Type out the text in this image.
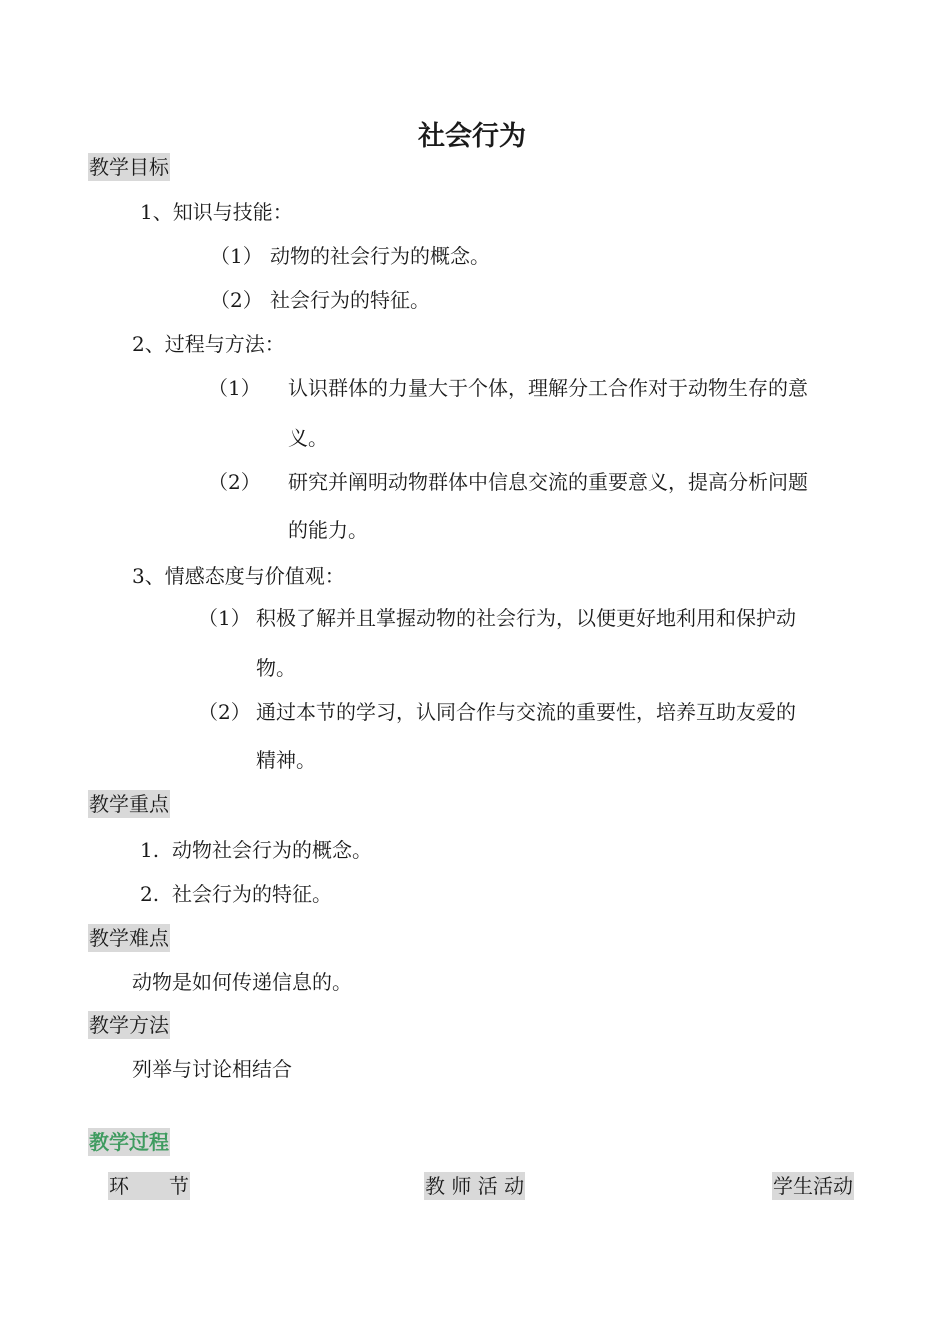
社会行为
教学目标
1、知识与技能：
（1） 动物的社会行为的概念。
（2） 社会行为的特征。
2、过程与方法：
（1） 认识群体的力量大于个体，理解分工合作对于动物生存的意
义。
（2） 研究并阐明动物群体中信息交流的重要意义，提高分析问题
的能力。
3、情感态度与价值观：
（1） 积极了解并且掌握动物的社会行为，以便更好地利用和保护动
物。
（2） 通过本节的学习，认同合作与交流的重要性，培养互助友爱的
精神。
教学重点
1. 动物社会行为的概念。
2. 社会行为的特征。
教学难点
动物是如何传递信息的。
教学方法
列举与讨论相结合
教学过程
环　　节	教 师 活 动	学生活动
